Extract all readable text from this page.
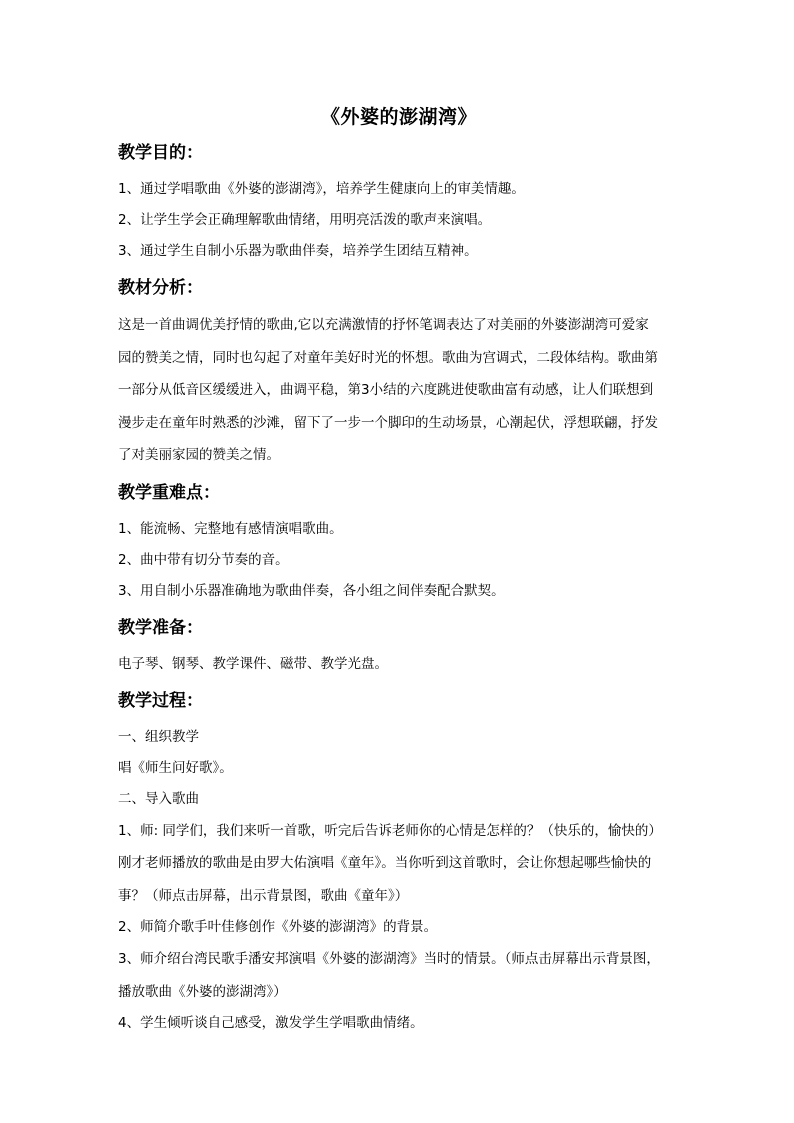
《外婆的澎湖湾》
教学目的：

1、通过学唱歌曲《外婆的澎湖湾》，培养学生健康向上的审美情趣。

2、让学生学会正确理解歌曲情绪，用明亮活泼的歌声来演唱。

3、通过学生自制小乐器为歌曲伴奏，培养学生团结互精神。

教材分析：
这是一首曲调优美抒情的歌曲,它以充满激情的抒怀笔调表达了对美丽的外婆澎湖湾可爱家
园的赞美之情，同时也勾起了对童年美好时光的怀想。歌曲为宫调式，二段体结构。歌曲第
一部分从低音区缓缓进入，曲调平稳，第3小结的六度跳进使歌曲富有动感，让人们联想到
漫步走在童年时熟悉的沙滩，留下了一步一个脚印的生动场景，心潮起伏，浮想联翩，抒发
了对美丽家园的赞美之情。
教学重难点：

1、能流畅、完整地有感情演唱歌曲。

2、曲中带有切分节奏的音。

3、用自制小乐器准确地为歌曲伴奏，各小组之间伴奏配合默契。

教学准备：

电子琴、钢琴、教学课件、磁带、教学光盘。

教学过程：

一、组织教学

唱《师生问好歌》。

二、导入歌曲

1、师: 同学们，我们来听一首歌，听完后告诉老师你的心情是怎样的？（快乐的，愉快的）
刚才老师播放的歌曲是由罗大佑演唱《童年》。当你听到这首歌时，会让你想起哪些愉快的
事？（师点击屏幕，出示背景图，歌曲《童年》）

2、师简介歌手叶佳修创作《外婆的澎湖湾》的背景。

3、师介绍台湾民歌手潘安邦演唱《外婆的澎湖湾》当时的情景。（师点击屏幕出示背景图，
播放歌曲《外婆的澎湖湾》）

4、学生倾听谈自己感受，激发学生学唱歌曲情绪。
